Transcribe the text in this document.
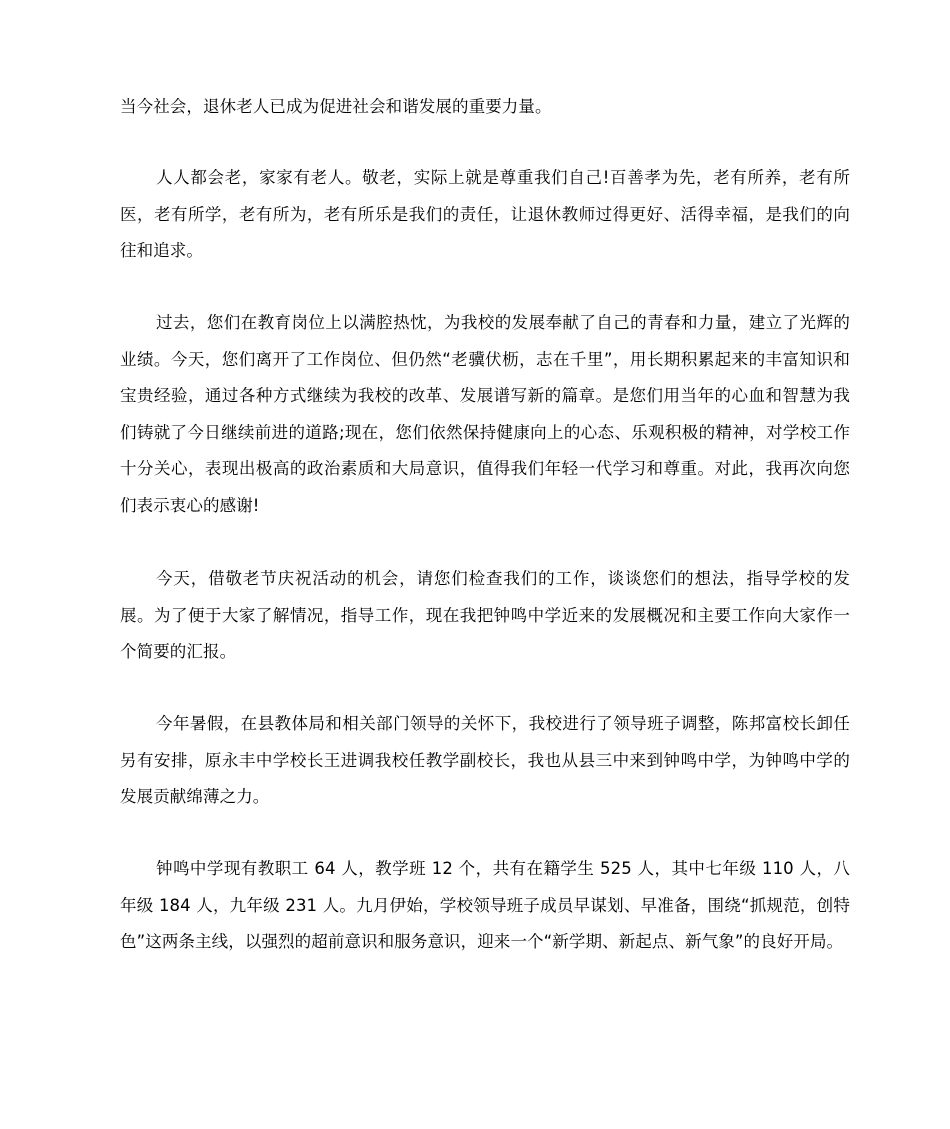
当今社会，退休老人已成为促进社会和谐发展的重要力量。

人人都会老，家家有老人。敬老，实际上就是尊重我们自己!百善孝为先，老有所养，老有所医，老有所学，老有所为，老有所乐是我们的责任，让退休教师过得更好、活得幸福，是我们的向往和追求。

过去，您们在教育岗位上以满腔热忱，为我校的发展奉献了自己的青春和力量，建立了光辉的业绩。今天，您们离开了工作岗位、但仍然“老骥伏枥，志在千里”，用长期积累起来的丰富知识和宝贵经验，通过各种方式继续为我校的改革、发展谱写新的篇章。是您们用当年的心血和智慧为我们铸就了今日继续前进的道路;现在，您们依然保持健康向上的心态、乐观积极的精神，对学校工作十分关心，表现出极高的政治素质和大局意识，值得我们年轻一代学习和尊重。对此，我再次向您们表示衷心的感谢!

今天，借敬老节庆祝活动的机会，请您们检查我们的工作，谈谈您们的想法，指导学校的发展。为了便于大家了解情况，指导工作，现在我把钟鸣中学近来的发展概况和主要工作向大家作一个简要的汇报。

今年暑假，在县教体局和相关部门领导的关怀下，我校进行了领导班子调整，陈邦富校长卸任另有安排，原永丰中学校长王进调我校任教学副校长，我也从县三中来到钟鸣中学，为钟鸣中学的发展贡献绵薄之力。

钟鸣中学现有教职工 64 人，教学班 12 个，共有在籍学生 525 人，其中七年级 110 人，八年级 184 人，九年级 231 人。九月伊始，学校领导班子成员早谋划、早准备，围绕“抓规范，创特色”这两条主线，以强烈的超前意识和服务意识，迎来一个“新学期、新起点、新气象”的良好开局。
